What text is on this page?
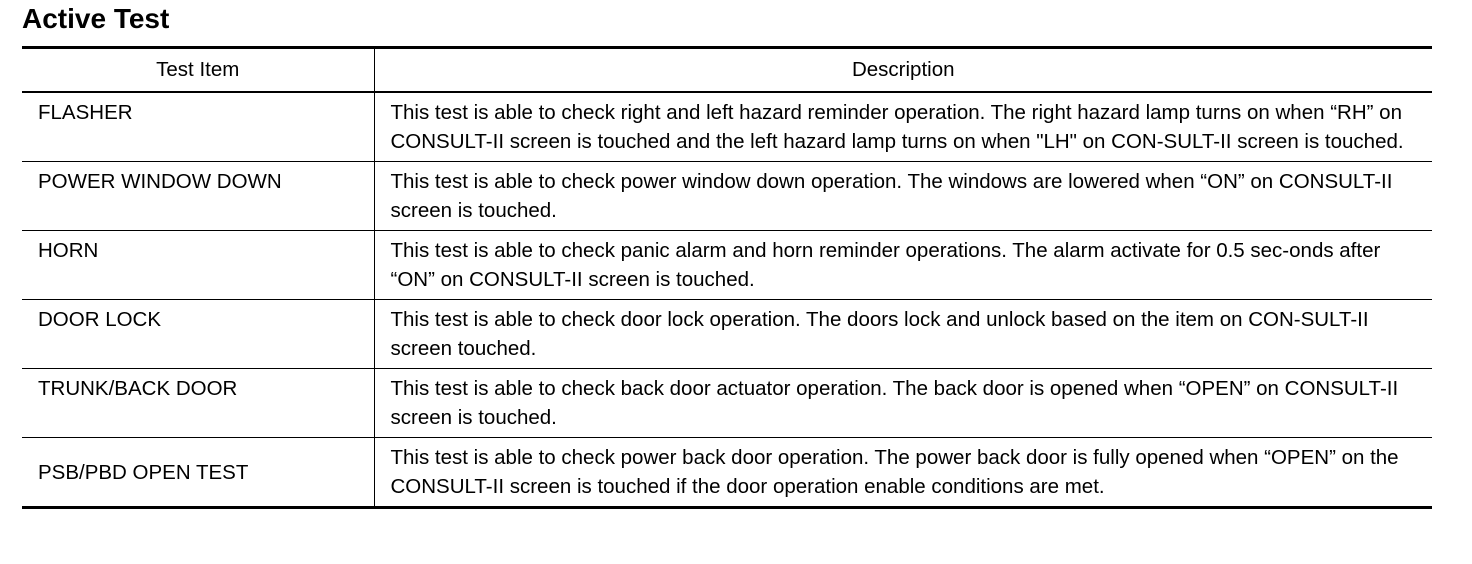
Active Test
Test Item	Description
FLASHER	This test is able to check right and left hazard reminder operation. The right hazard lamp turns on when “RH” on CONSULT-II screen is touched and the left hazard lamp turns on when "LH" on CON-SULT-II screen is touched.
POWER WINDOW DOWN	This test is able to check power window down operation. The windows are lowered when “ON” on CONSULT-II screen is touched.
HORN	This test is able to check panic alarm and horn reminder operations. The alarm activate for 0.5 sec-onds after “ON” on CONSULT-II screen is touched.
DOOR LOCK	This test is able to check door lock operation. The doors lock and unlock based on the item on CON-SULT-II screen touched.
TRUNK/BACK DOOR	This test is able to check back door actuator operation. The back door is opened when “OPEN” on CONSULT-II screen is touched.
PSB/PBD OPEN TEST	This test is able to check power back door operation. The power back door is fully opened when “OPEN” on the CONSULT-II screen is touched if the door operation enable conditions are met.
